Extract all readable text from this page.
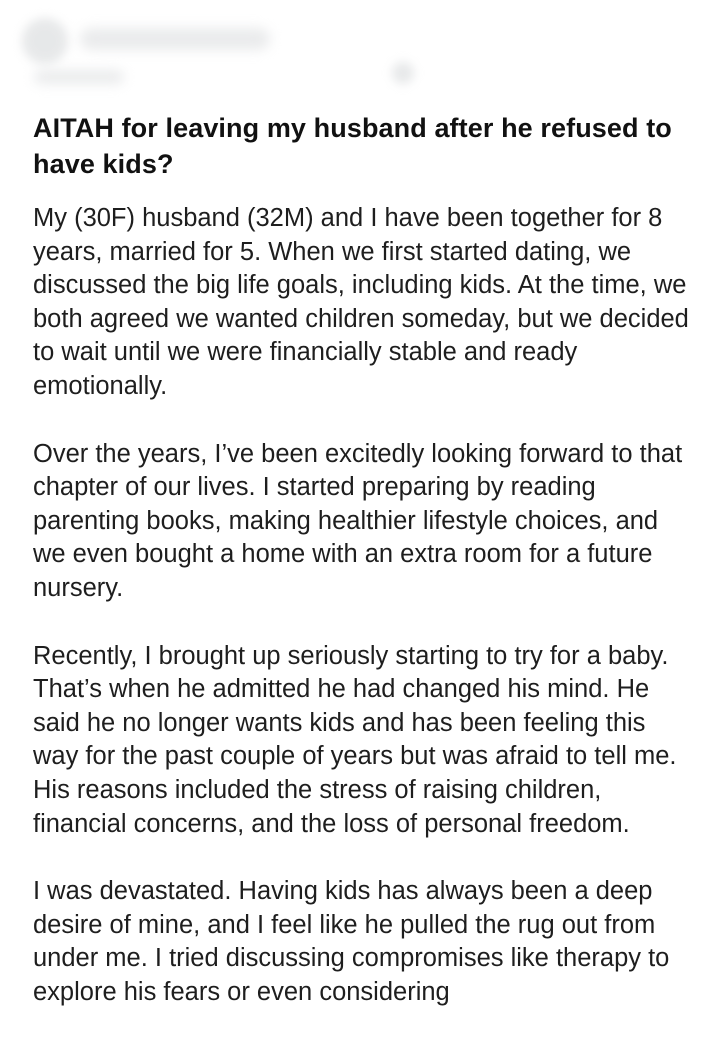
AITAH for leaving my husband after he refused to have kids?

My (30F) husband (32M) and I have been together for 8 years, married for 5. When we first started dating, we discussed the big life goals, including kids. At the time, we both agreed we wanted children someday, but we decided to wait until we were financially stable and ready emotionally.

Over the years, I’ve been excitedly looking forward to that chapter of our lives. I started preparing by reading parenting books, making healthier lifestyle choices, and we even bought a home with an extra room for a future nursery.

Recently, I brought up seriously starting to try for a baby. That’s when he admitted he had changed his mind. He said he no longer wants kids and has been feeling this way for the past couple of years but was afraid to tell me. His reasons included the stress of raising children, financial concerns, and the loss of personal freedom.

I was devastated. Having kids has always been a deep desire of mine, and I feel like he pulled the rug out from under me. I tried discussing compromises like therapy to explore his fears or even considering
